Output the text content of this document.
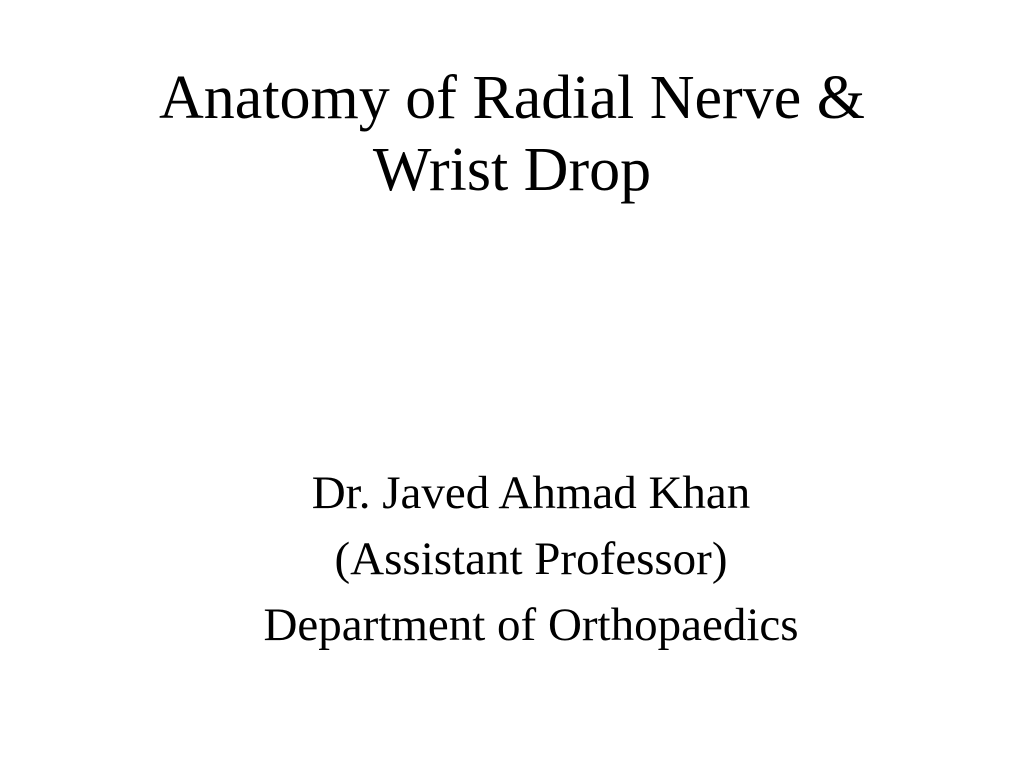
Anatomy of Radial Nerve &
Wrist Drop

Dr. Javed Ahmad Khan

(Assistant Professor)

Department of Orthopaedics
